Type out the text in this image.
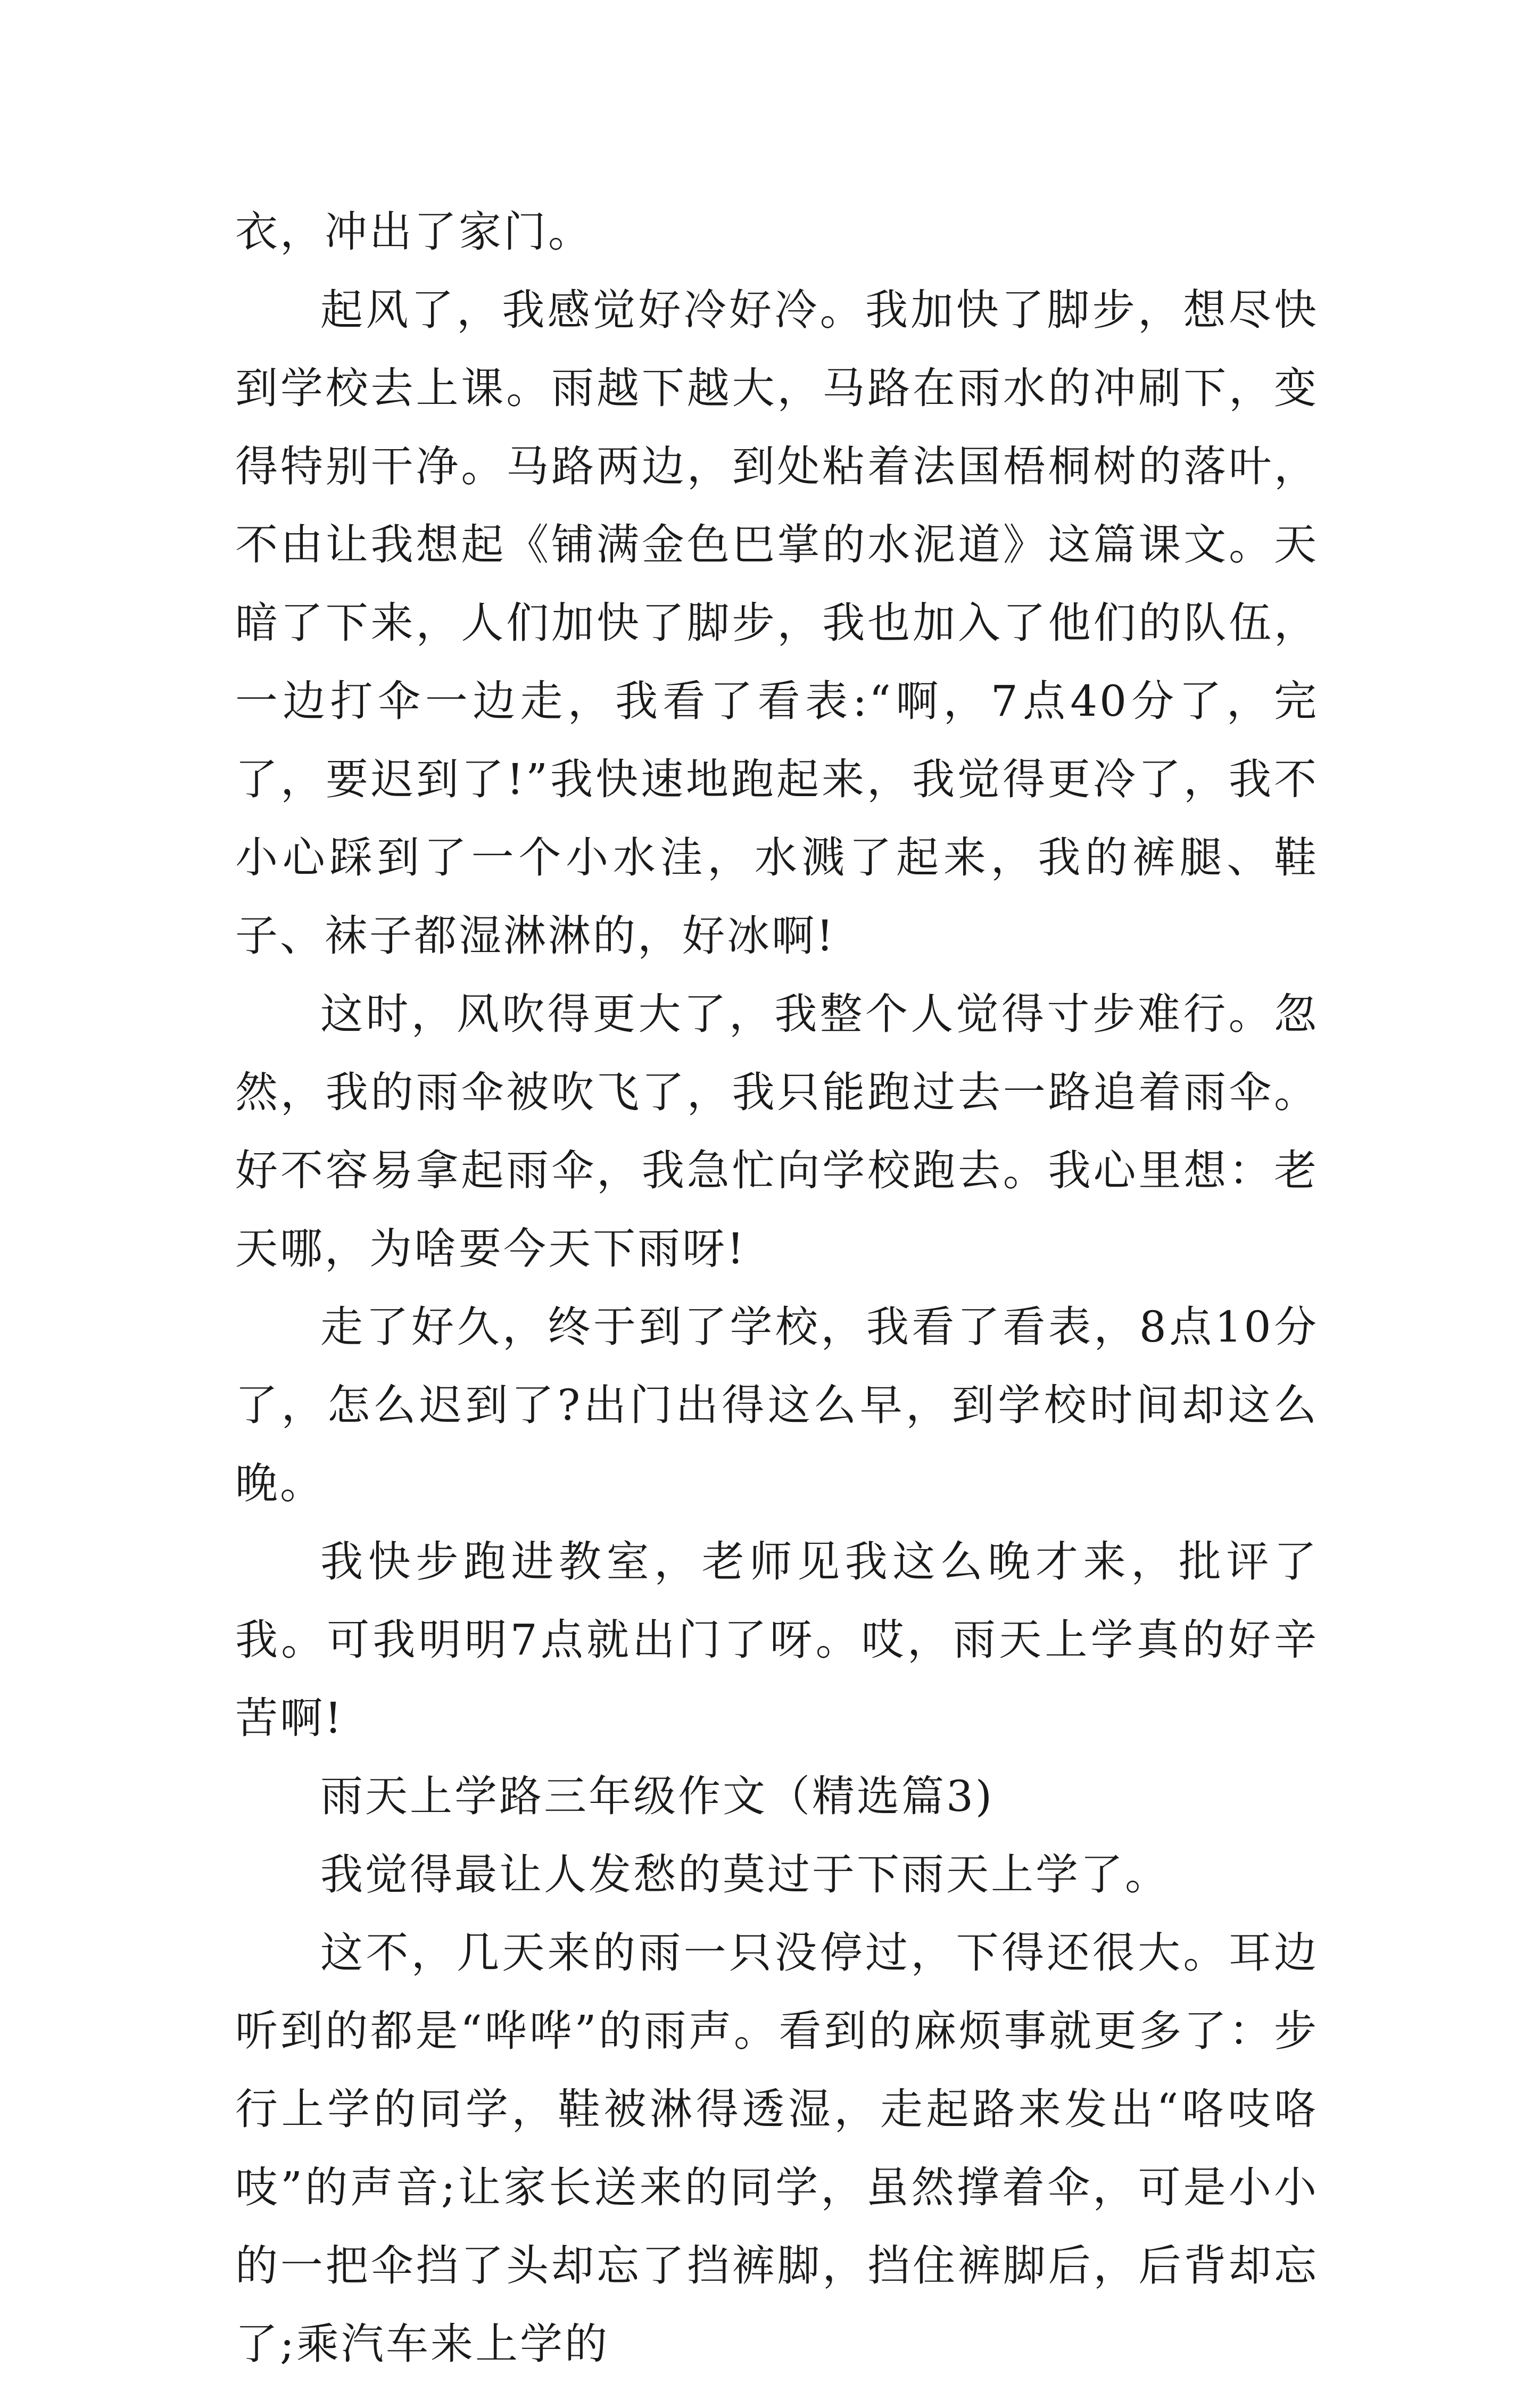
衣，冲出了家门。

起风了，我感觉好冷好冷。我加快了脚步，想尽快到学校去上课。雨越下越大，马路在雨水的冲刷下，变得特别干净。马路两边，到处粘着法国梧桐树的落叶，不由让我想起《铺满金色巴掌的水泥道》这篇课文。天暗了下来，人们加快了脚步，我也加入了他们的队伍，一边打伞一边走，我看了看表:“啊，7点40分了，完了，要迟到了!”我快速地跑起来，我觉得更冷了，我不小心踩到了一个小水洼，水溅了起来，我的裤腿、鞋子、袜子都湿淋淋的，好冰啊!

这时，风吹得更大了，我整个人觉得寸步难行。忽然，我的雨伞被吹飞了，我只能跑过去一路追着雨伞。好不容易拿起雨伞，我急忙向学校跑去。我心里想：老天哪，为啥要今天下雨呀!

走了好久，终于到了学校，我看了看表，8点10分了，怎么迟到了?出门出得这么早，到学校时间却这么晚。

我快步跑进教室，老师见我这么晚才来，批评了我。可我明明7点就出门了呀。哎，雨天上学真的好辛苦啊!

雨天上学路三年级作文（精选篇3)

我觉得最让人发愁的莫过于下雨天上学了。

这不，几天来的雨一只没停过，下得还很大。耳边听到的都是“哗哗”的雨声。看到的麻烦事就更多了：步行上学的同学，鞋被淋得透湿，走起路来发出“咯吱咯吱”的声音;让家长送来的同学，虽然撑着伞，可是小小的一把伞挡了头却忘了挡裤脚，挡住裤脚后，后背却忘了;乘汽车来上学的
